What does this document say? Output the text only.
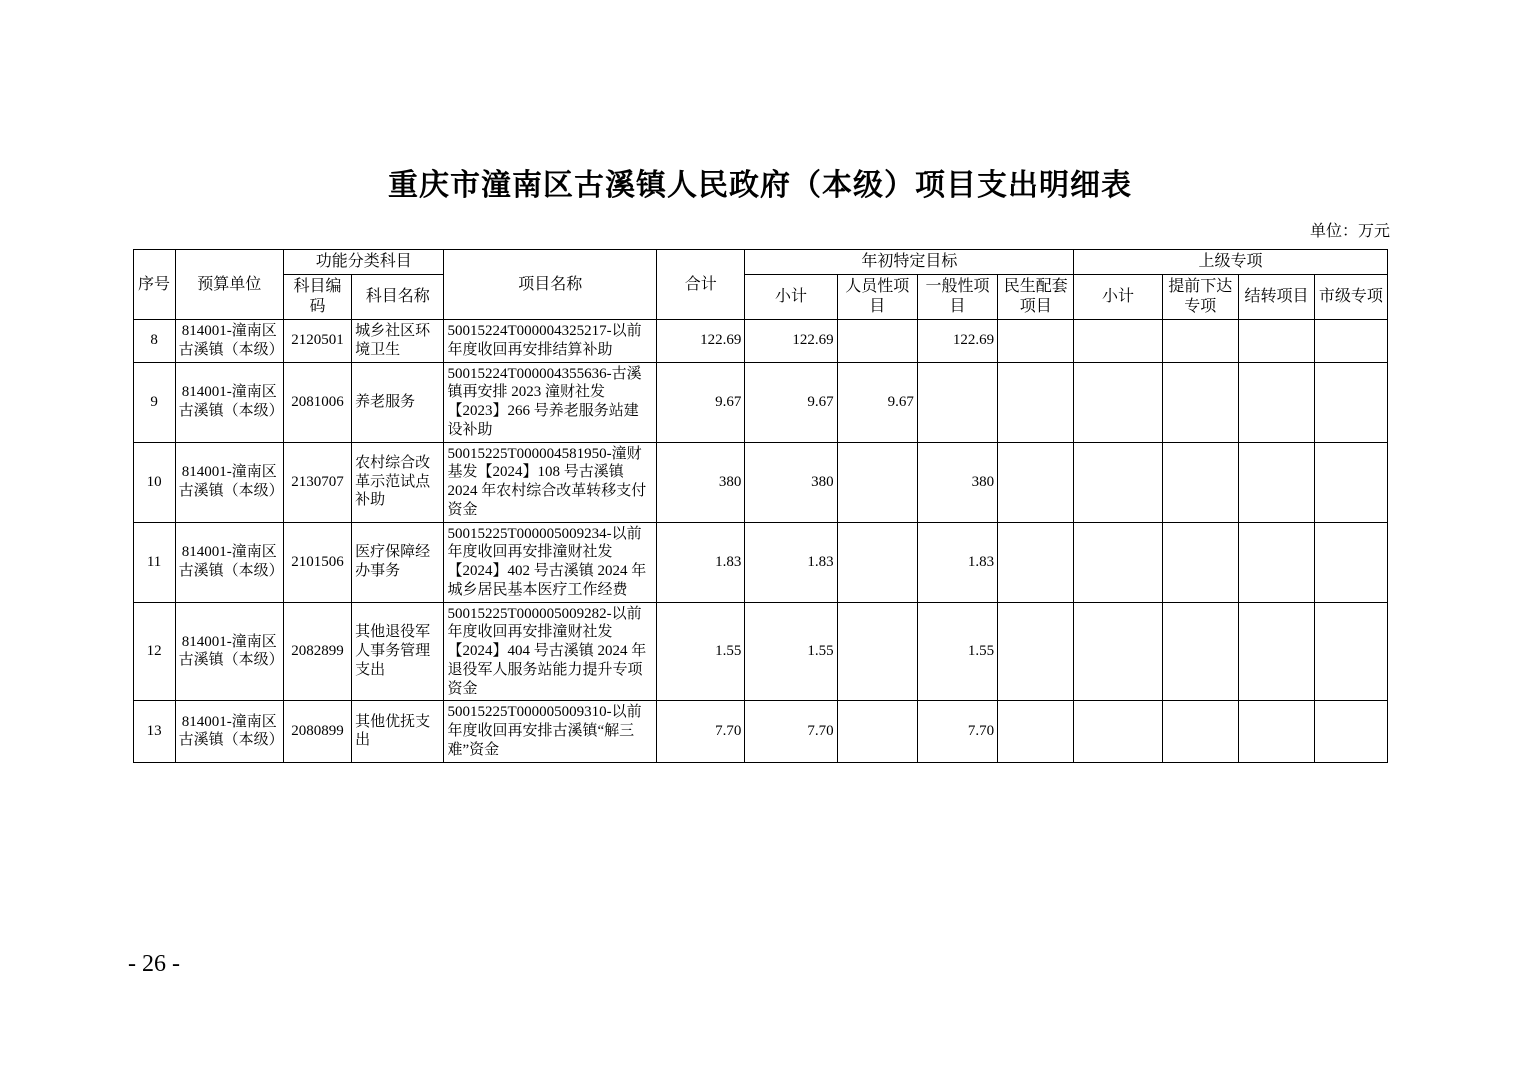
重庆市潼南区古溪镇人民政府（本级）项目支出明细表
单位：万元
序号	预算单位	功能分类科目		项目名称	合计	年初特定目标				上级专项			
		科目编码	科目名称			小计	人员性项目	一般性项目	民生配套项目	小计	提前下达专项	结转项目	市级专项
8	814001-潼南区古溪镇（本级）	2120501	城乡社区环境卫生	50015224T000004325217-以前年度收回再安排结算补助	122.69	122.69		122.69					
9	814001-潼南区古溪镇（本级）	2081006	养老服务	50015224T000004355636-古溪镇再安排 2023 潼财社发【2023】266 号养老服务站建设补助	9.67	9.67	9.67						
10	814001-潼南区古溪镇（本级）	2130707	农村综合改革示范试点补助	50015225T000004581950-潼财基发【2024】108 号古溪镇 2024 年农村综合改革转移支付资金	380	380		380					
11	814001-潼南区古溪镇（本级）	2101506	医疗保障经办事务	50015225T000005009234-以前年度收回再安排潼财社发【2024】402 号古溪镇 2024 年城乡居民基本医疗工作经费	1.83	1.83		1.83					
12	814001-潼南区古溪镇（本级）	2082899	其他退役军人事务管理支出	50015225T000005009282-以前年度收回再安排潼财社发【2024】404 号古溪镇 2024 年退役军人服务站能力提升专项资金	1.55	1.55		1.55					
13	814001-潼南区古溪镇（本级）	2080899	其他优抚支出	50015225T000005009310-以前年度收回再安排古溪镇“解三难”资金	7.70	7.70		7.70					
- 26 -
